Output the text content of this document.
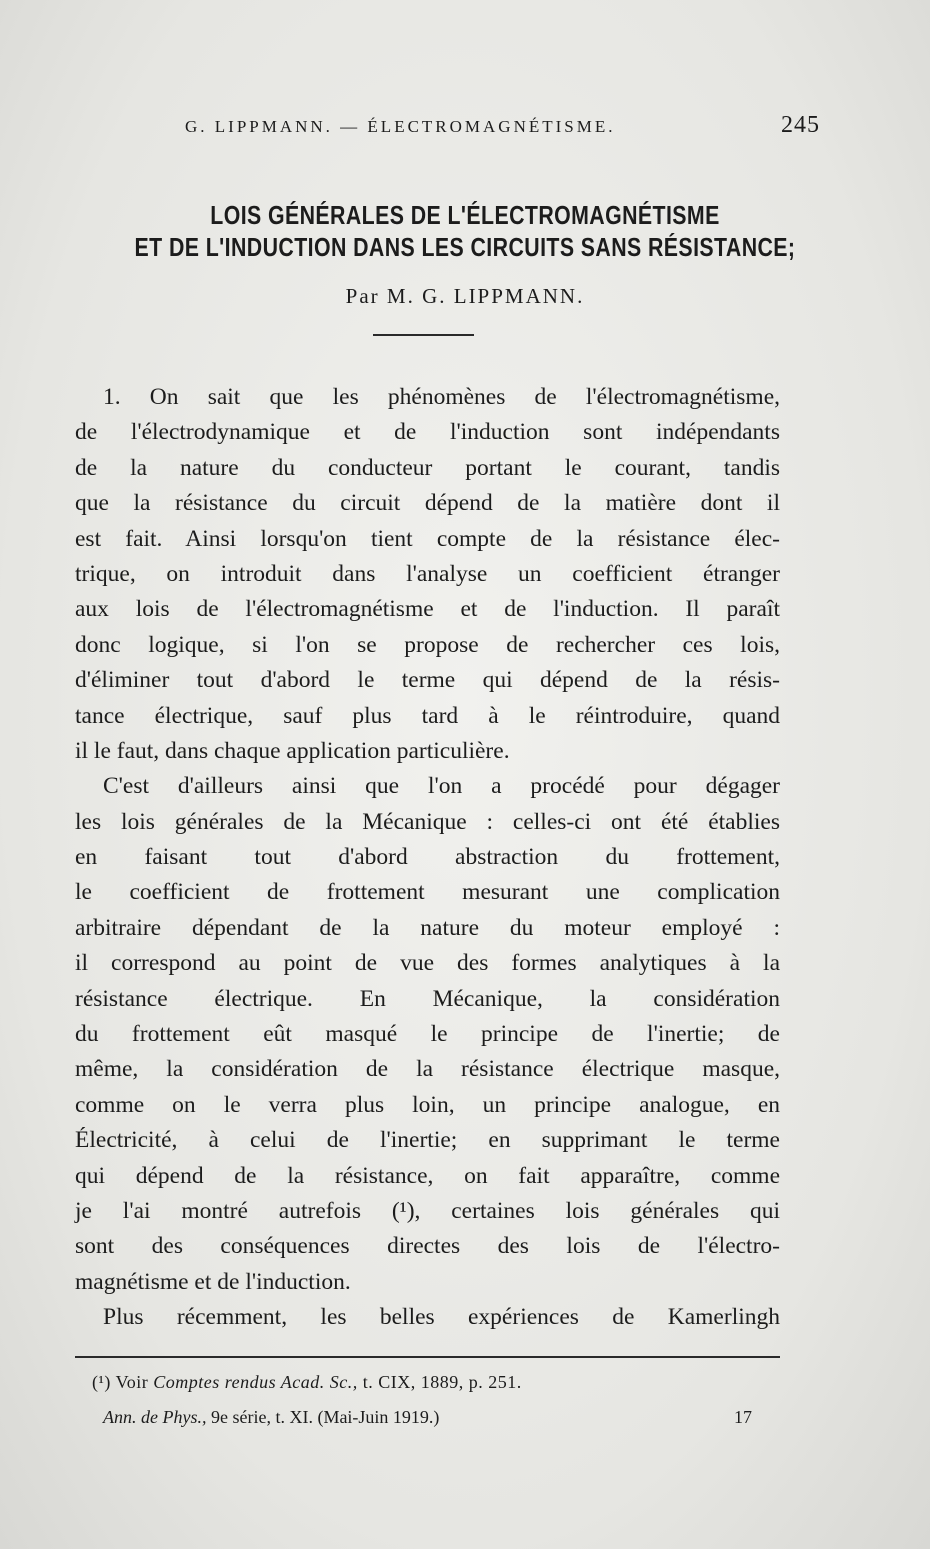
G. LIPPMANN. — ÉLECTROMAGNÉTISME.	245
LOIS GÉNÉRALES DE L'ÉLECTROMAGNÉTISME
ET DE L'INDUCTION DANS LES CIRCUITS SANS RÉSISTANCE;
Par M. G. LIPPMANN.
1. On sait que les phénomènes de l'électromagnétisme,
de l'électrodynamique et de l'induction sont indépendants
de la nature du conducteur portant le courant, tandis
que la résistance du circuit dépend de la matière dont il
est fait. Ainsi lorsqu'on tient compte de la résistance élec-
trique, on introduit dans l'analyse un coefficient étranger
aux lois de l'électromagnétisme et de l'induction. Il paraît
donc logique, si l'on se propose de rechercher ces lois,
d'éliminer tout d'abord le terme qui dépend de la résis-
tance électrique, sauf plus tard à le réintroduire, quand
il le faut, dans chaque application particulière.
C'est d'ailleurs ainsi que l'on a procédé pour dégager
les lois générales de la Mécanique : celles-ci ont été établies
en faisant tout d'abord abstraction du frottement,
le coefficient de frottement mesurant une complication
arbitraire dépendant de la nature du moteur employé :
il correspond au point de vue des formes analytiques à la
résistance électrique. En Mécanique, la considération
du frottement eût masqué le principe de l'inertie; de
même, la considération de la résistance électrique masque,
comme on le verra plus loin, un principe analogue, en
Électricité, à celui de l'inertie; en supprimant le terme
qui dépend de la résistance, on fait apparaître, comme
je l'ai montré autrefois (¹), certaines lois générales qui
sont des conséquences directes des lois de l'électro-
magnétisme et de l'induction.
Plus récemment, les belles expériences de Kamerlingh
(¹) Voir Comptes rendus Acad. Sc., t. CIX, 1889, p. 251.
Ann. de Phys., 9e série, t. XI. (Mai-Juin 1919.)	17
